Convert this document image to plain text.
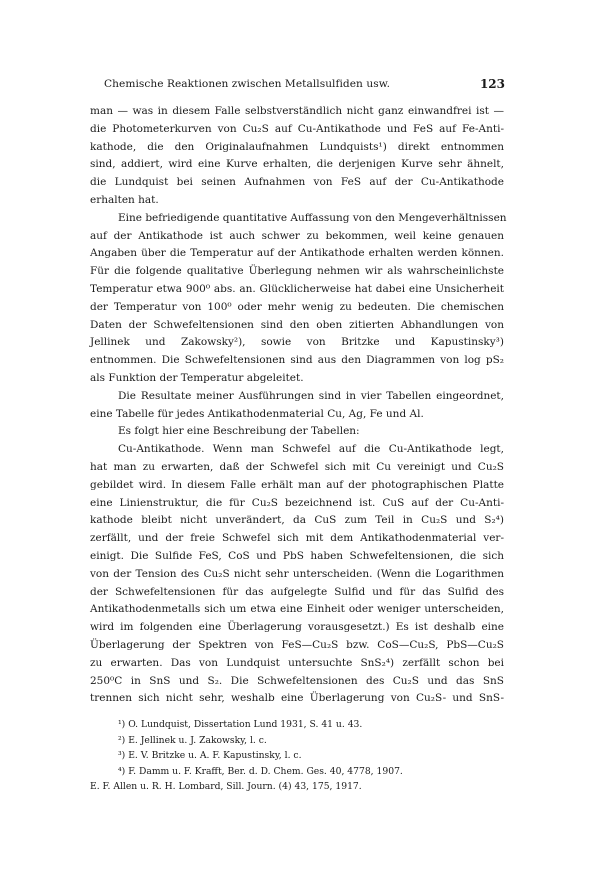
Chemische Reaktionen zwischen Metallsulfiden usw.	123
man — was in diesem Falle selbstverständlich nicht ganz einwandfrei ist —
die Photometerkurven von Cu₂S auf Cu-Antikathode und FeS auf Fe-Anti-
kathode, die den Originalaufnahmen Lundquists¹) direkt entnommen
sind, addiert, wird eine Kurve erhalten, die derjenigen Kurve sehr ähnelt,
die Lundquist bei seinen Aufnahmen von FeS auf der Cu-Antikathode
erhalten hat.
Eine befriedigende quantitative Auffassung von den Mengeverhältnissen
auf der Antikathode ist auch schwer zu bekommen, weil keine genauen
Angaben über die Temperatur auf der Antikathode erhalten werden können.
Für die folgende qualitative Überlegung nehmen wir als wahrscheinlichste
Temperatur etwa 900⁰ abs. an. Glücklicherweise hat dabei eine Unsicherheit
der Temperatur von 100⁰ oder mehr wenig zu bedeuten. Die chemischen
Daten der Schwefeltensionen sind den oben zitierten Abhandlungen von
Jellinek und Zakowsky²), sowie von Britzke und Kapustinsky³)
entnommen. Die Schwefeltensionen sind aus den Diagrammen von log pS₂
als Funktion der Temperatur abgeleitet.
Die Resultate meiner Ausführungen sind in vier Tabellen eingeordnet,
eine Tabelle für jedes Antikathodenmaterial Cu, Ag, Fe und Al.
Es folgt hier eine Beschreibung der Tabellen:
Cu-Antikathode. Wenn man Schwefel auf die Cu-Antikathode legt,
hat man zu erwarten, daß der Schwefel sich mit Cu vereinigt und Cu₂S
gebildet wird. In diesem Falle erhält man auf der photographischen Platte
eine Linienstruktur, die für Cu₂S bezeichnend ist. CuS auf der Cu-Anti-
kathode bleibt nicht unverändert, da CuS zum Teil in Cu₂S und S₂⁴)
zerfällt, und der freie Schwefel sich mit dem Antikathodenmaterial ver-
einigt. Die Sulfide FeS, CoS und PbS haben Schwefeltensionen, die sich
von der Tension des Cu₂S nicht sehr unterscheiden. (Wenn die Logarithmen
der Schwefeltensionen für das aufgelegte Sulfid und für das Sulfid des
Antikathodenmetalls sich um etwa eine Einheit oder weniger unterscheiden,
wird im folgenden eine Überlagerung vorausgesetzt.) Es ist deshalb eine
Überlagerung der Spektren von FeS—Cu₂S bzw. CoS—Cu₂S, PbS—Cu₂S
zu erwarten. Das von Lundquist untersuchte SnS₂⁴) zerfällt schon bei
250⁰C in SnS und S₂. Die Schwefeltensionen des Cu₂S und das SnS
trennen sich nicht sehr, weshalb eine Überlagerung von Cu₂S- und SnS-
¹) O. Lundquist, Dissertation Lund 1931, S. 41 u. 43.
²) E. Jellinek u. J. Zakowsky, l. c.
³) E. V. Britzke u. A. F. Kapustinsky, l. c.
⁴) F. Damm u. F. Krafft, Ber. d. D. Chem. Ges. 40, 4778, 1907.
E. F. Allen u. R. H. Lombard, Sill. Journ. (4) 43, 175, 1917.
